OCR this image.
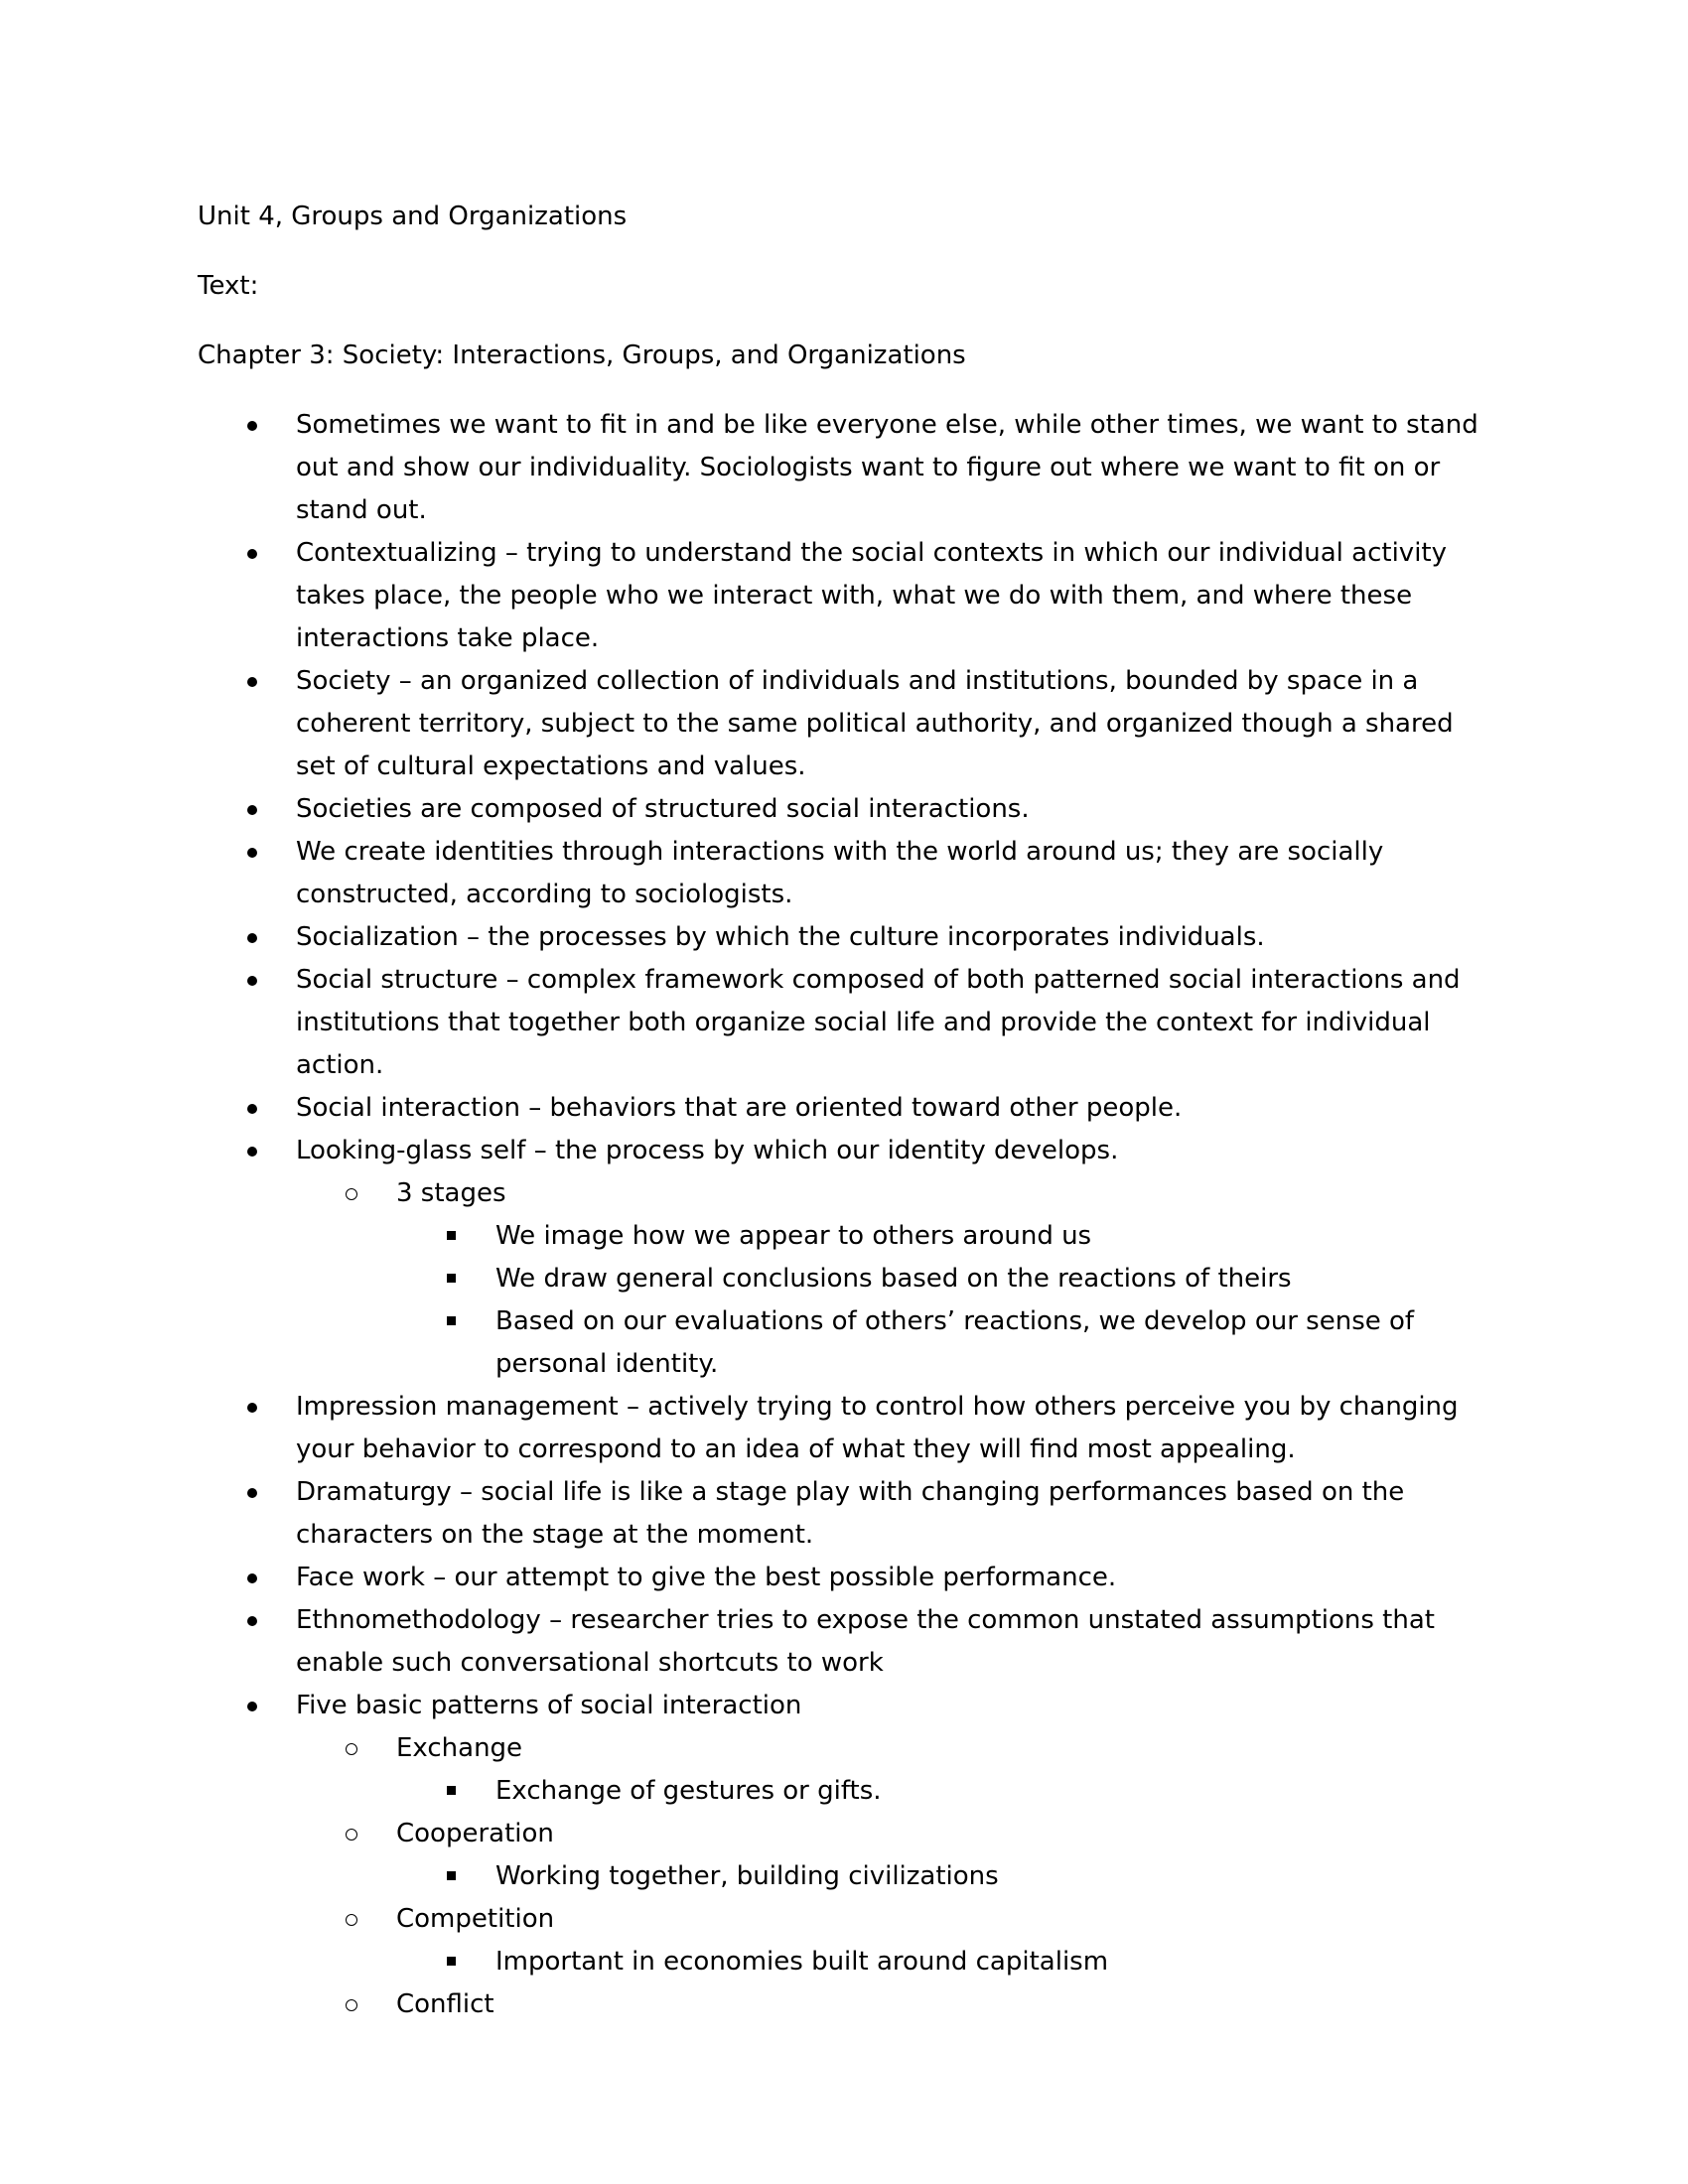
Unit 4, Groups and Organizations

Text:

Chapter 3: Society: Interactions, Groups, and Organizations

Sometimes we want to fit in and be like everyone else, while other times, we want to stand out and show our individuality. Sociologists want to figure out where we want to fit on or stand out.
Contextualizing – trying to understand the social contexts in which our individual activity takes place, the people who we interact with, what we do with them, and where these interactions take place.
Society – an organized collection of individuals and institutions, bounded by space in a coherent territory, subject to the same political authority, and organized though a shared set of cultural expectations and values.
Societies are composed of structured social interactions.
We create identities through interactions with the world around us; they are socially constructed, according to sociologists.
Socialization – the processes by which the culture incorporates individuals.
Social structure – complex framework composed of both patterned social interactions and institutions that together both organize social life and provide the context for individual action.
Social interaction – behaviors that are oriented toward other people.
Looking-glass self – the process by which our identity develops.
3 stages
We image how we appear to others around us
We draw general conclusions based on the reactions of theirs
Based on our evaluations of others’ reactions, we develop our sense of personal identity.
Impression management – actively trying to control how others perceive you by changing your behavior to correspond to an idea of what they will find most appealing.
Dramaturgy – social life is like a stage play with changing performances based on the characters on the stage at the moment.
Face work – our attempt to give the best possible performance.
Ethnomethodology – researcher tries to expose the common unstated assumptions that enable such conversational shortcuts to work
Five basic patterns of social interaction
Exchange
Exchange of gestures or gifts.
Cooperation
Working together, building civilizations
Competition
Important in economies built around capitalism
Conflict
